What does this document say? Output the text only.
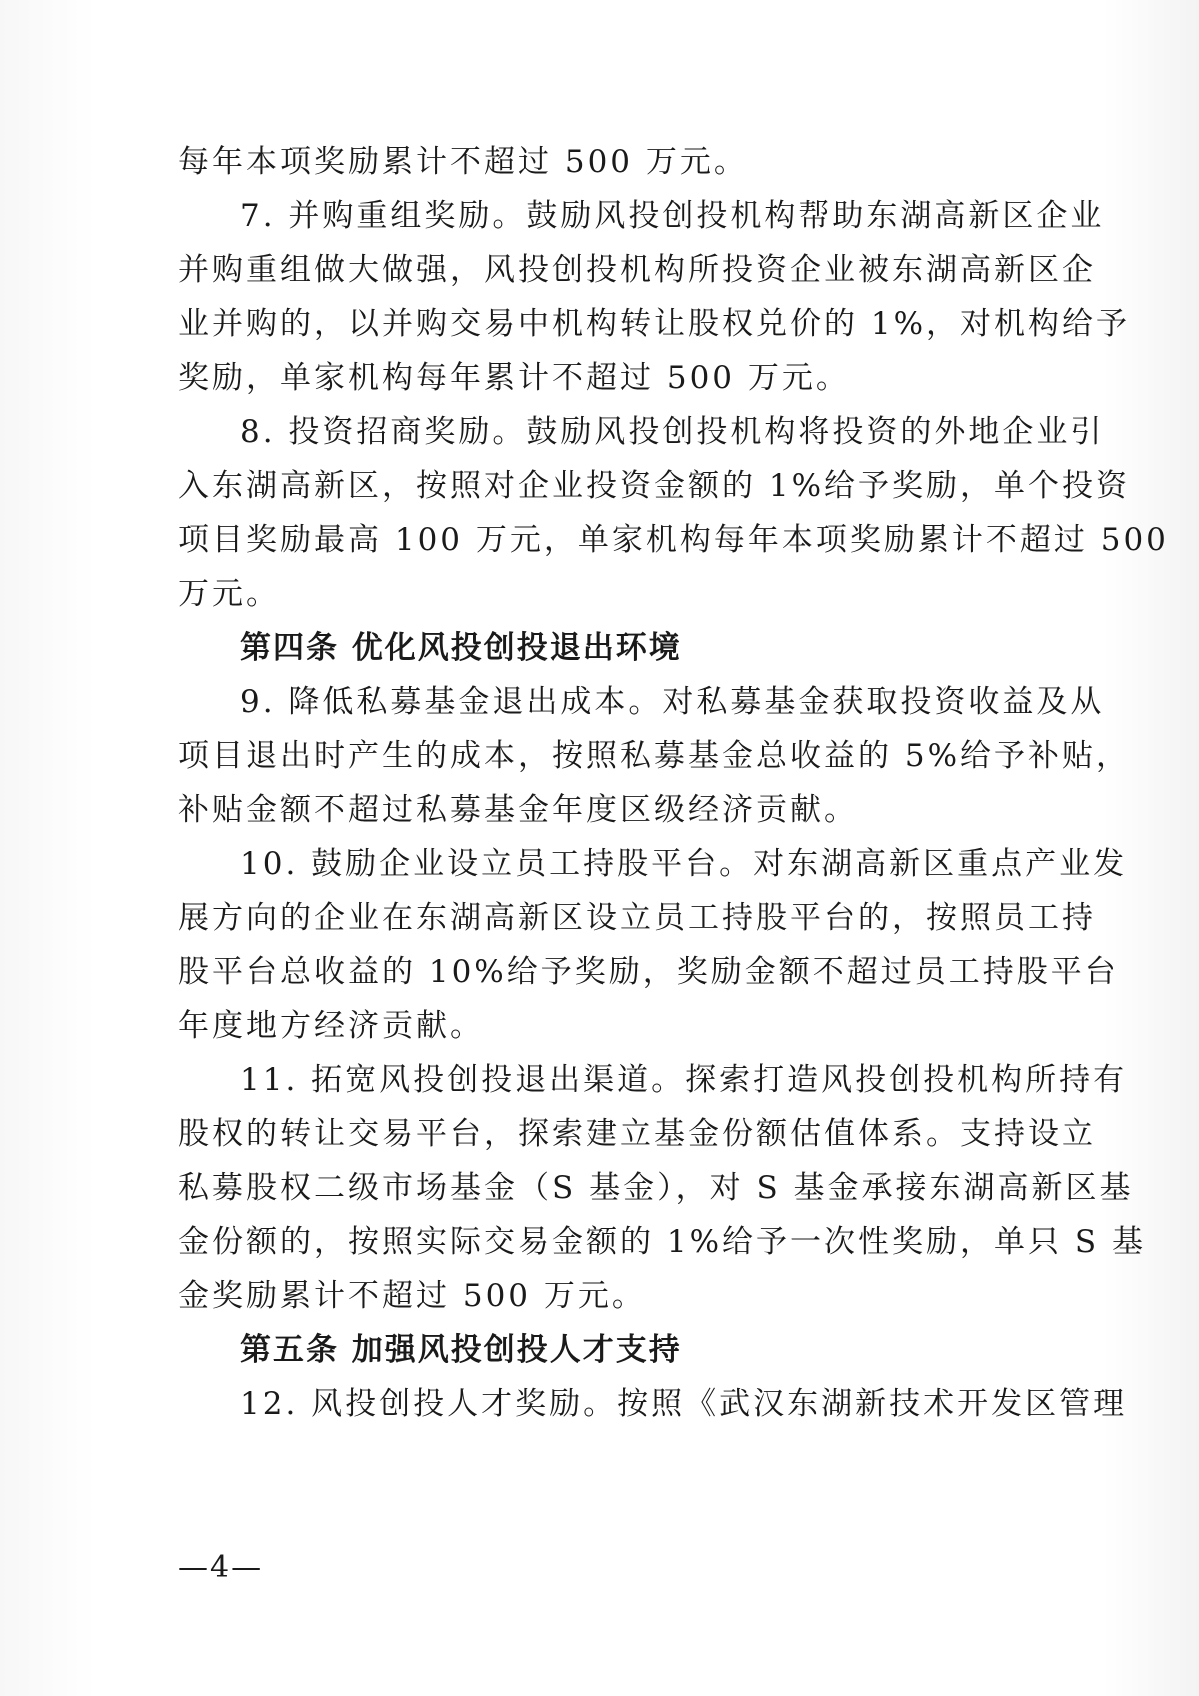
每年本项奖励累计不超过 500 万元。
7. 并购重组奖励。鼓励风投创投机构帮助东湖高新区企业
并购重组做大做强，风投创投机构所投资企业被东湖高新区企
业并购的，以并购交易中机构转让股权兑价的 1%，对机构给予
奖励，单家机构每年累计不超过 500 万元。
8. 投资招商奖励。鼓励风投创投机构将投资的外地企业引
入东湖高新区，按照对企业投资金额的 1%给予奖励，单个投资
项目奖励最高 100 万元，单家机构每年本项奖励累计不超过 500
万元。
第四条 优化风投创投退出环境
9. 降低私募基金退出成本。对私募基金获取投资收益及从
项目退出时产生的成本，按照私募基金总收益的 5%给予补贴，
补贴金额不超过私募基金年度区级经济贡献。
10. 鼓励企业设立员工持股平台。对东湖高新区重点产业发
展方向的企业在东湖高新区设立员工持股平台的，按照员工持
股平台总收益的 10%给予奖励，奖励金额不超过员工持股平台
年度地方经济贡献。
11. 拓宽风投创投退出渠道。探索打造风投创投机构所持有
股权的转让交易平台，探索建立基金份额估值体系。支持设立
私募股权二级市场基金（S 基金），对 S 基金承接东湖高新区基
金份额的，按照实际交易金额的 1%给予一次性奖励，单只 S 基
金奖励累计不超过 500 万元。
第五条 加强风投创投人才支持
12. 风投创投人才奖励。按照《武汉东湖新技术开发区管理
—4—
